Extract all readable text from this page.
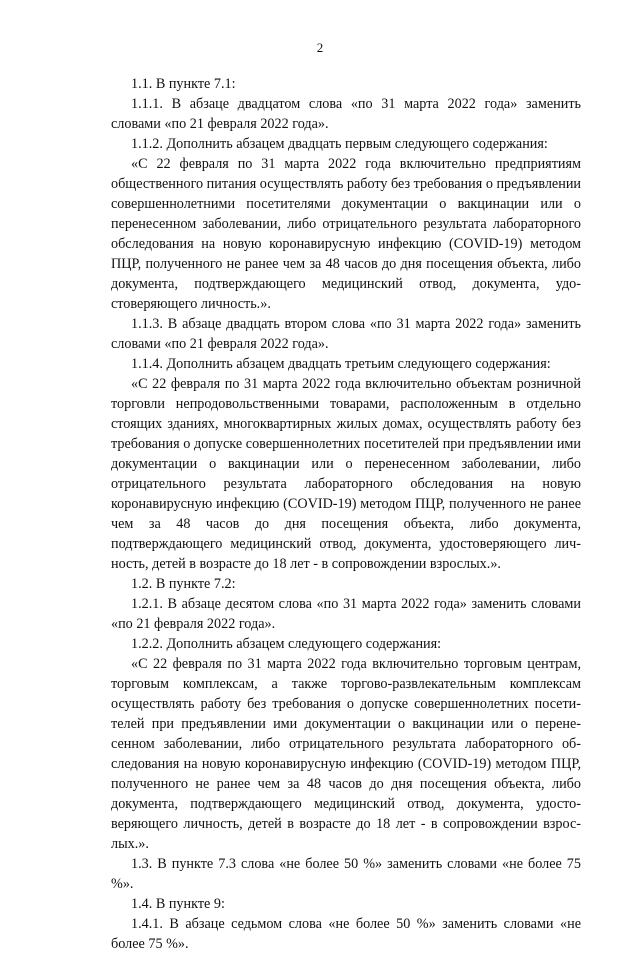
2

1.1. В пункте 7.1:

1.1.1. В абзаце двадцатом слова «по 31 марта 2022 года» заменить словами «по 21 февраля 2022 года».

1.1.2. Дополнить абзацем двадцать первым следующего содержания:

«С 22 февраля по 31 марта 2022 года включительно предприятиям общественного питания осуществлять работу без требования о предъявлении совершеннолетними посетителями документации о вакцинации или о перенесенном заболевании, либо отрицательного результата лабораторного обследования на новую коронавирусную инфекцию (COVID-19) методом ПЦР, полученного не ранее чем за 48 часов до дня посещения объекта, либо документа, подтверждающего медицинский отвод, документа, удостоверяющего личность.».

1.1.3. В абзаце двадцать втором слова «по 31 марта 2022 года» заменить словами «по 21 февраля 2022 года».

1.1.4. Дополнить абзацем двадцать третьим следующего содержания:

«С 22 февраля по 31 марта 2022 года включительно объектам розничной торговли непродовольственными товарами, расположенным в отдельно стоящих зданиях, многоквартирных жилых домах, осуществлять работу без требования о допуске совершеннолетних посетителей при предъявлении ими документации о вакцинации или о перенесенном заболевании, либо отрицательного результата лабораторного обследования на новую коронавирусную инфекцию (COVID-19) методом ПЦР, полученного не ранее чем за 48 часов до дня посещения объекта, либо документа, подтверждающего медицинский отвод, документа, удостоверяющего личность, детей в возрасте до 18 лет - в сопровождении взрослых.».

1.2. В пункте 7.2:

1.2.1. В абзаце десятом слова «по 31 марта 2022 года» заменить словами «по 21 февраля 2022 года».

1.2.2. Дополнить абзацем следующего содержания:

«С 22 февраля по 31 марта 2022 года включительно торговым центрам, торговым комплексам, а также торгово-развлекательным комплексам осуществлять работу без требования о допуске совершеннолетних посетителей при предъявлении ими документации о вакцинации или о перенесенном заболевании, либо отрицательного результата лабораторного обследования на новую коронавирусную инфекцию (COVID-19) методом ПЦР, полученного не ранее чем за 48 часов до дня посещения объекта, либо документа, подтверждающего медицинский отвод, документа, удостоверяющего личность, детей в возрасте до 18 лет - в сопровождении взрослых.».

1.3. В пункте 7.3 слова «не более 50 %» заменить словами «не более 75 %».

1.4. В пункте 9:

1.4.1. В абзаце седьмом слова «не более 50 %» заменить словами «не более 75 %».
